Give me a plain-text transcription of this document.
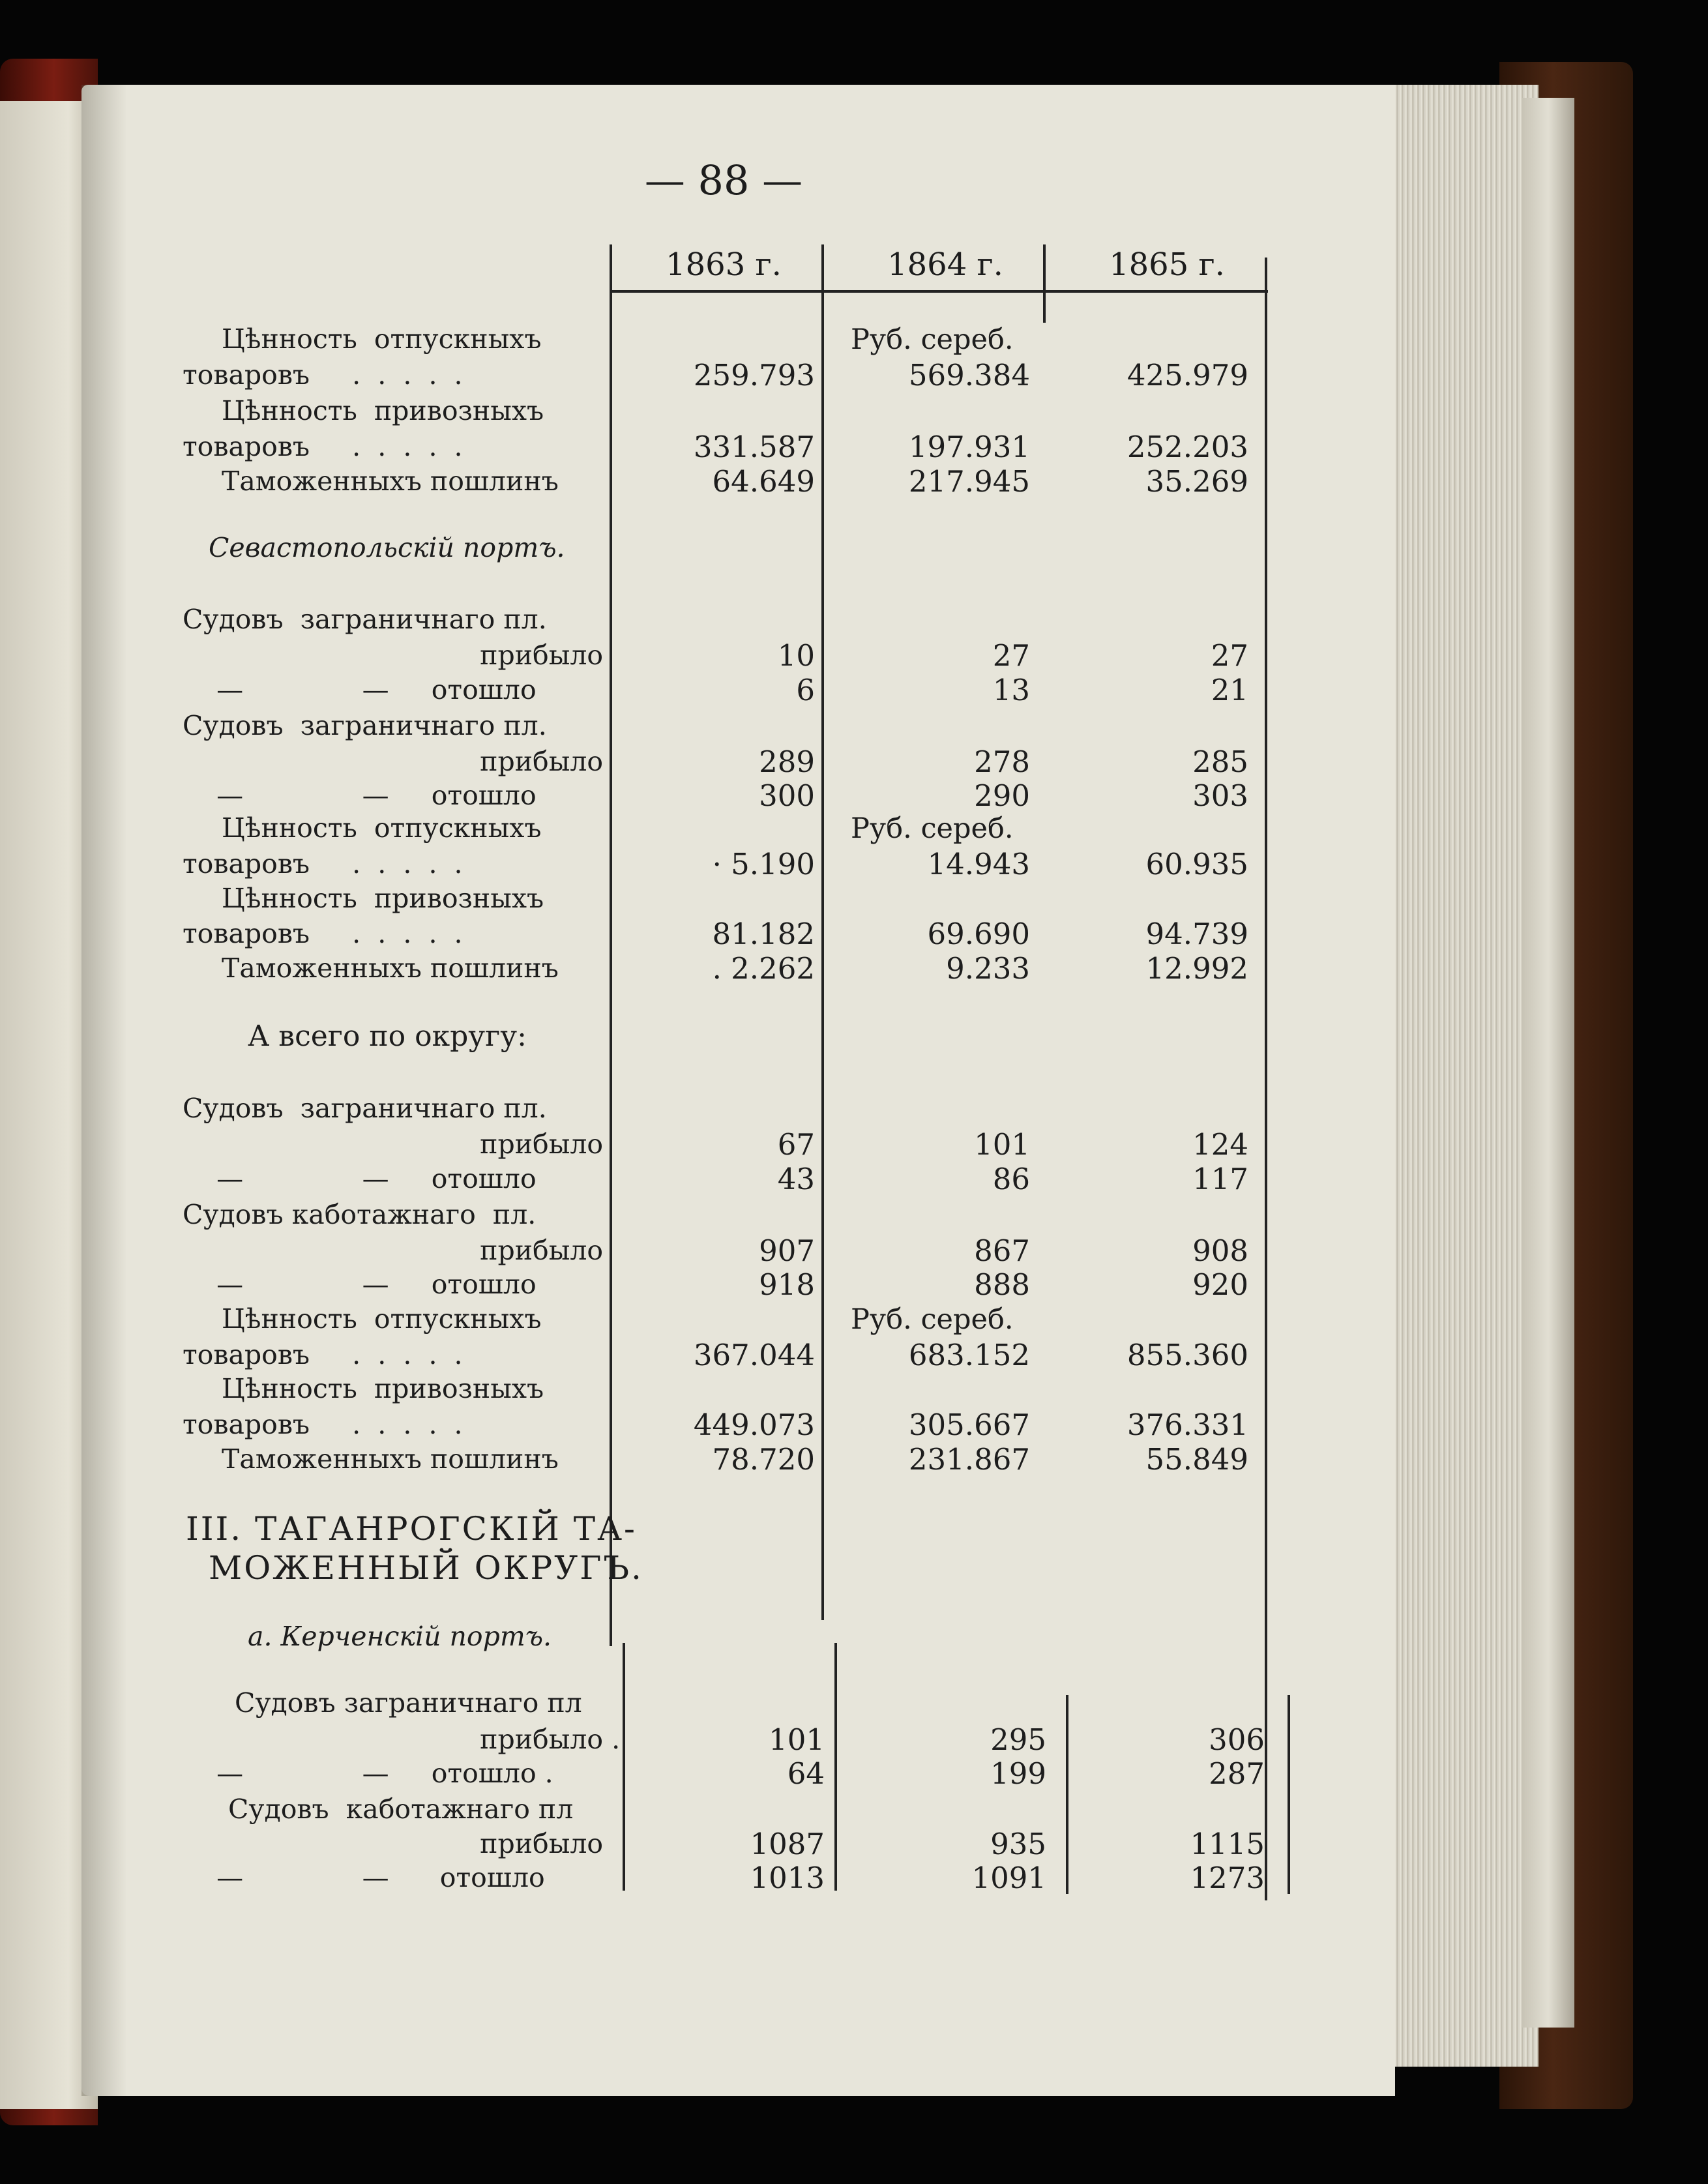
— 88 —
1863 г.	1864 г.	1865 г.
Цѣнность  отпускныхъ	Руб. сереб.
товаровъ     .  .  .  .  .	259.793	569.384	425.979
Цѣнность  привозныхъ
товаровъ     .  .  .  .  .	331.587	197.931	252.203
Таможенныхъ пошлинъ	64.649	217.945	35.269
Севастопольскій портъ.
Судовъ  заграничнаго пл.
прибыло	10	27	27
—              —     отошло	6	13	21
Судовъ  заграничнаго пл.
прибыло	289	278	285
—              —     отошло	300	290	303
Цѣнность  отпускныхъ	Руб. сереб.
товаровъ     .  .  .  .  .	· 5.190	14.943	60.935
Цѣнность  привозныхъ
товаровъ     .  .  .  .  .	81.182	69.690	94.739
Таможенныхъ пошлинъ	. 2.262	9.233	12.992
А всего по округу:
Судовъ  заграничнаго пл.
прибыло	67	101	124
—              —     отошло	43	86	117
Судовъ каботажнаго  пл.
прибыло	907	867	908
—              —     отошло	918	888	920
Цѣнность  отпускныхъ	Руб. сереб.
товаровъ     .  .  .  .  .	367.044	683.152	855.360
Цѣнность  привозныхъ
товаровъ     .  .  .  .  .	449.073	305.667	376.331
Таможенныхъ пошлинъ	78.720	231.867	55.849
III. ТАГАНРОГСКІЙ ТА-
МОЖЕННЫЙ ОКРУГЪ.
а. Керченскій портъ.
Судовъ заграничнаго пл
прибыло .	101	295	306
—              —     отошло .	64	199	287
Судовъ  каботажнаго пл
прибыло	1087	935	1115
—              —      отошло	1013	1091	1273
